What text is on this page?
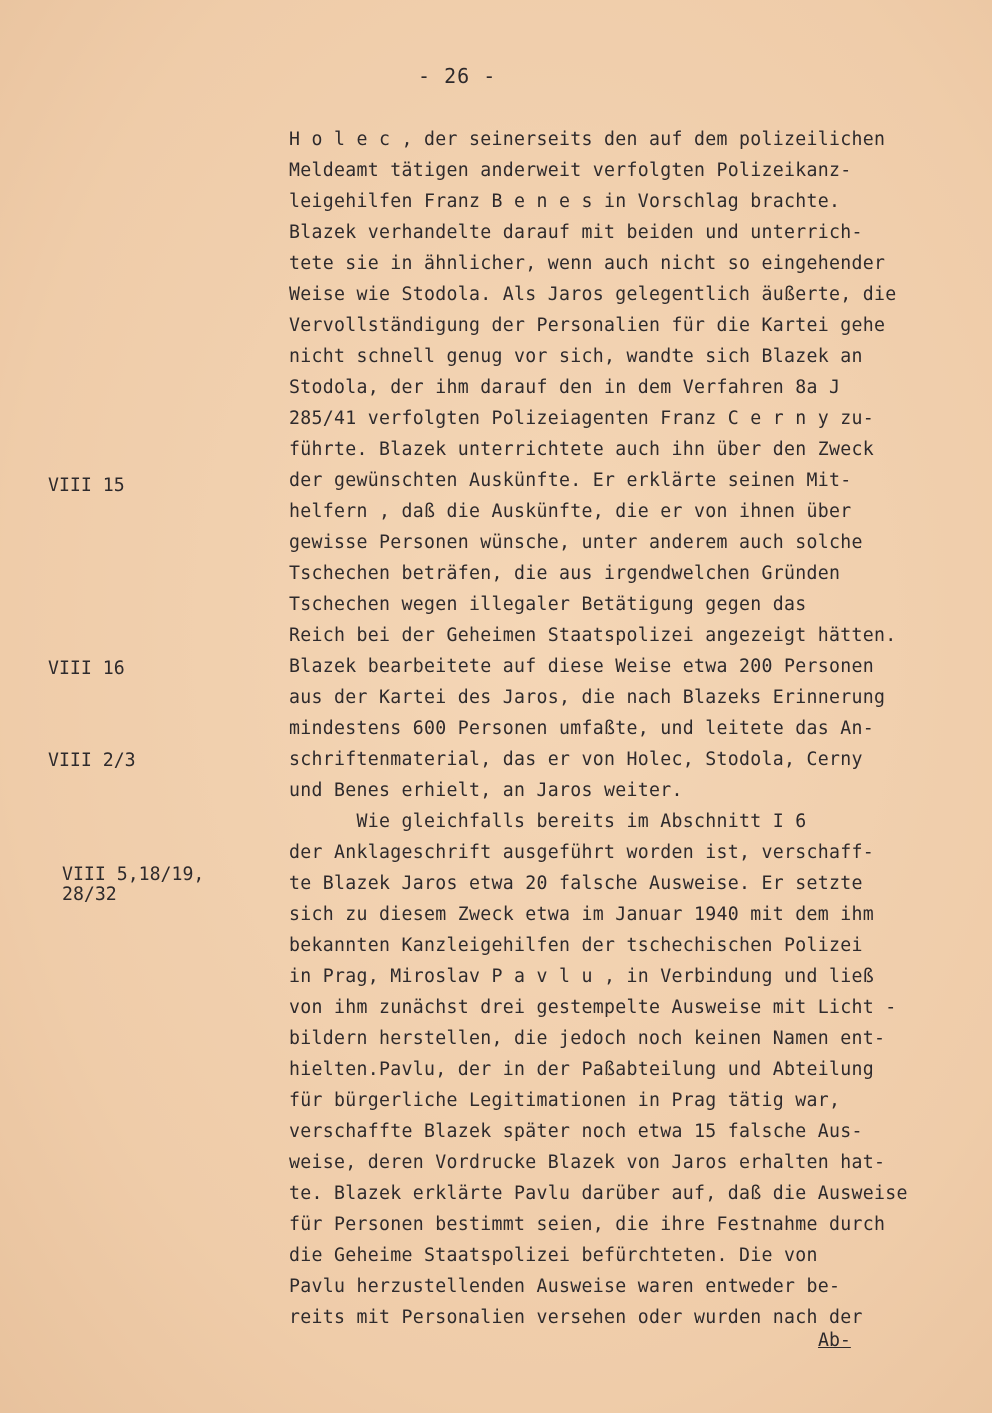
- 26 -
H o l e c , der seinerseits den auf dem polizeilichen
Meldeamt tätigen anderweit verfolgten Polizeikanz-
leigehilfen Franz B e n e s in Vorschlag brachte.
Blazek verhandelte darauf mit beiden und unterrich-
tete sie in ähnlicher, wenn auch nicht so eingehender
Weise wie Stodola. Als Jaros gelegentlich äußerte, die
Vervollständigung der Personalien für die Kartei gehe
nicht schnell genug vor sich, wandte sich Blazek an
Stodola, der ihm darauf den in dem Verfahren 8a J
285/41 verfolgten Polizeiagenten Franz C e r n y zu-
führte. Blazek unterrichtete auch ihn über den Zweck
der gewünschten Auskünfte. Er erklärte seinen Mit-
helfern , daß die Auskünfte, die er von ihnen über
gewisse Personen wünsche, unter anderem auch solche
Tschechen beträfen, die aus irgendwelchen Gründen
Tschechen wegen illegaler Betätigung gegen das
Reich bei der Geheimen Staatspolizei angezeigt hätten.
Blazek bearbeitete auf diese Weise etwa 200 Personen
aus der Kartei des Jaros, die nach Blazeks Erinnerung
mindestens 600 Personen umfaßte, und leitete das An-
schriftenmaterial, das er von Holec, Stodola, Cerny
und Benes erhielt, an Jaros weiter.
Wie gleichfalls bereits im Abschnitt I 6
der Anklageschrift ausgeführt worden ist, verschaff-
te Blazek Jaros etwa 20 falsche Ausweise. Er setzte
sich zu diesem Zweck etwa im Januar 1940 mit dem ihm
bekannten Kanzleigehilfen der tschechischen Polizei
in Prag, Miroslav P a v l u , in Verbindung und ließ
von ihm zunächst drei gestempelte Ausweise mit Licht -
bildern herstellen, die jedoch noch keinen Namen ent-
hielten.Pavlu, der in der Paßabteilung und Abteilung
für bürgerliche Legitimationen in Prag tätig war,
verschaffte Blazek später noch etwa 15 falsche Aus-
weise, deren Vordrucke Blazek von Jaros erhalten hat-
te. Blazek erklärte Pavlu darüber auf, daß die Ausweise
für Personen bestimmt seien, die ihre Festnahme durch
die Geheime Staatspolizei befürchteten. Die von
Pavlu herzustellenden Ausweise waren entweder be-
reits mit Personalien versehen oder wurden nach der
VIII 15
VIII 16
VIII 2/3
VIII 5,18/19,
28/32
Ab-
